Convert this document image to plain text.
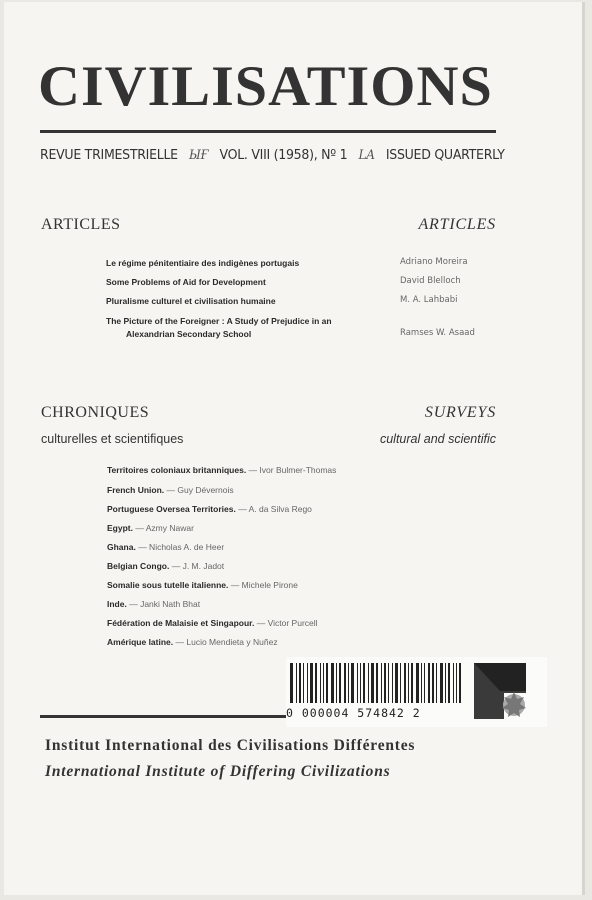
CIVILISATIONS
REVUE TRIMESTRIELLE ЫҒ VOL. VIII (1958), Nº 1 LA ISSUED QUARTERLY
ARTICLES	ARTICLES
Le régime pénitentiaire des indigènes portugais	Adriano Moreira
Some Problems of Aid for Development	David Blelloch
Pluralisme culturel et civilisation humaine	M. A. Lahbabi
The Picture of the Foreigner : A Study of Prejudice in an
Alexandrian Secondary School	Ramses W. Asaad
CHRONIQUES	SURVEYS
culturelles et scientifiques	cultural and scientific
Territoires coloniaux britanniques. — Ivor Bulmer-Thomas
French Union. — Guy Dévernois
Portuguese Oversea Territories. — A. da Silva Rego
Egypt. — Azmy Nawar
Ghana. — Nicholas A. de Heer
Belgian Congo. — J. M. Jadot
Somalie sous tutelle italienne. — Michele Pirone
Inde. — Janki Nath Bhat
Fédération de Malaisie et Singapour. — Victor Purcell
Amérique latine. — Lucio Mendieta y Nuñez
0 000004 574842 2
Institut International des Civilisations Différentes
International Institute of Differing Civilizations
